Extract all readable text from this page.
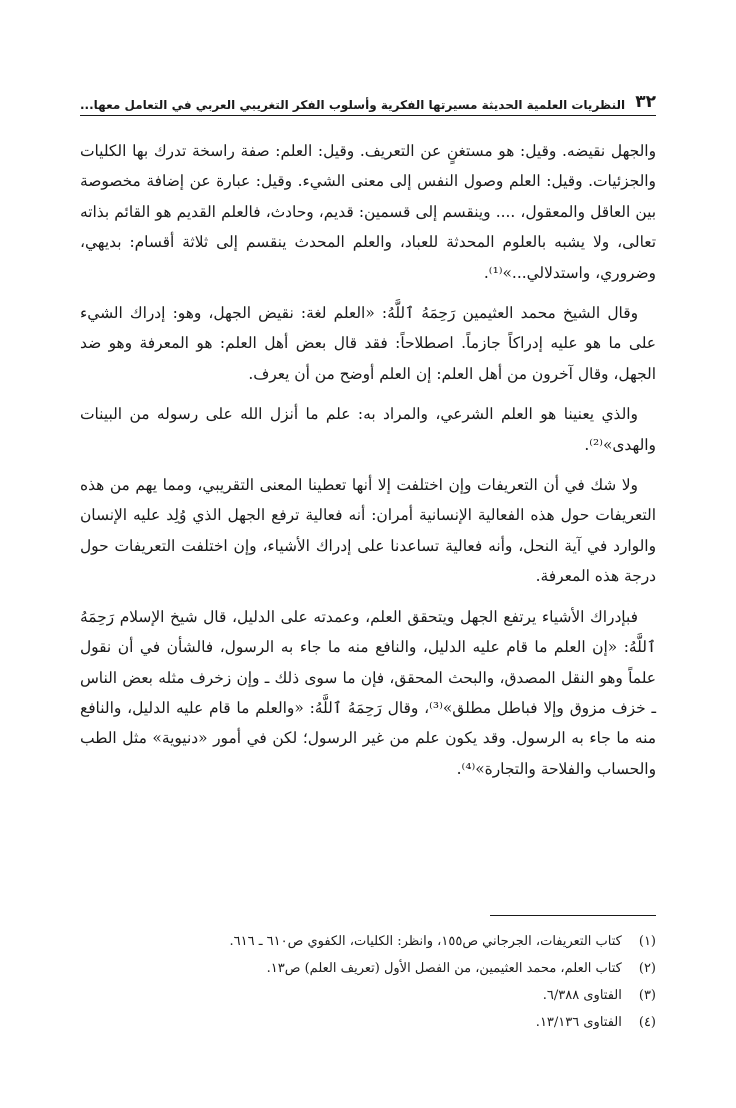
٣٢
النظريات العلمية الحديثة مسيرتها الفكرية وأسلوب الفكر التغريبي العربي في التعامل معها...

والجهل نقيضه. وقيل: هو مستغنٍ عن التعريف. وقيل: العلم: صفة راسخة تدرك بها الكليات والجزئيات. وقيل: العلم وصول النفس إلى معنى الشيء. وقيل: عبارة عن إضافة مخصوصة بين العاقل والمعقول، .... وينقسم إلى قسمين: قديم، وحادث، فالعلم القديم هو القائم بذاته تعالى، ولا يشبه بالعلوم المحدثة للعباد، والعلم المحدث ينقسم إلى ثلاثة أقسام: بديهي، وضروري، واستدلالي...»⁽¹⁾.

وقال الشيخ محمد العثيمين رَحِمَهُ ٱللَّهُ: «العلم لغة: نقيض الجهل، وهو: إدراك الشيء على ما هو عليه إدراكاً جازماً. اصطلاحاً: فقد قال بعض أهل العلم: هو المعرفة وهو ضد الجهل، وقال آخرون من أهل العلم: إن العلم أوضح من أن يعرف.

والذي يعنينا هو العلم الشرعي، والمراد به: علم ما أنزل الله على رسوله من البينات والهدى»⁽²⁾.

ولا شك في أن التعريفات وإن اختلفت إلا أنها تعطينا المعنى التقريبي، ومما يهم من هذه التعريفات حول هذه الفعالية الإنسانية أمران: أنه فعالية ترفع الجهل الذي وُلِد عليه الإنسان والوارد في آية النحل، وأنه فعالية تساعدنا على إدراك الأشياء، وإن اختلفت التعريفات حول درجة هذه المعرفة.

فبإدراك الأشياء يرتفع الجهل ويتحقق العلم، وعمدته على الدليل، قال شيخ الإسلام رَحِمَهُ ٱللَّهُ: «إن العلم ما قام عليه الدليل، والنافع منه ما جاء به الرسول، فالشأن في أن نقول علماً وهو النقل المصدق، والبحث المحقق، فإن ما سوى ذلك ـ وإن زخرف مثله بعض الناس ـ خزف مزوق وإلا فباطل مطلق»⁽³⁾، وقال رَحِمَهُ ٱللَّهُ: «والعلم ما قام عليه الدليل، والنافع منه ما جاء به الرسول. وقد يكون علم من غير الرسول؛ لكن في أمور «دنيوية» مثل الطب والحساب والفلاحة والتجارة»⁽⁴⁾.

(١) كتاب التعريفات، الجرجاني ص١٥٥، وانظر: الكليات، الكفوي ص٦١٠ ـ ٦١٦.
(٢) كتاب العلم، محمد العثيمين، من الفصل الأول (تعريف العلم) ص١٣.
(٣) الفتاوى ٦/٣٨٨.
(٤) الفتاوى ١٣/١٣٦.
